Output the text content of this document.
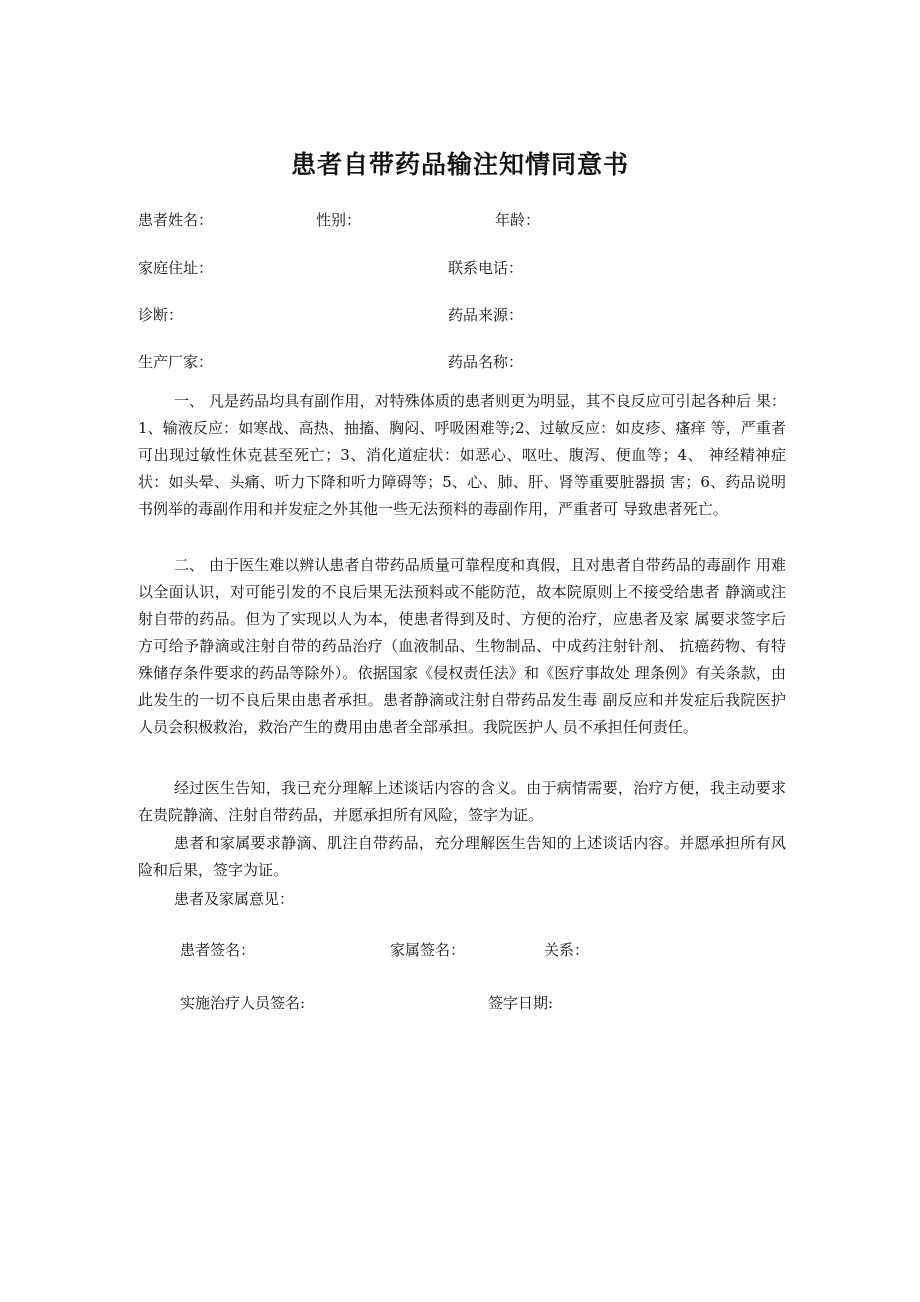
患者自带药品输注知情同意书
患者姓名：	性别：	年龄：
家庭住址：	联系电话：
诊断：	药品来源：
生产厂家：	药品名称：

一、 凡是药品均具有副作用，对特殊体质的患者则更为明显，其不良反应可引起各种后 果：1、输液反应：如寒战、高热、抽搐、胸闷、呼吸困难等;2、过敏反应：如皮疹、瘙痒 等，严重者可出现过敏性休克甚至死亡；3、消化道症状：如恶心、呕吐、腹泻、便血等；4、 神经精神症状：如头晕、头痛、听力下降和听力障碍等；5、心、肺、肝、肾等重要脏器损 害；6、药品说明书例举的毒副作用和并发症之外其他一些无法预料的毒副作用，严重者可 导致患者死亡。

二、 由于医生难以辨认患者自带药品质量可靠程度和真假，且对患者自带药品的毒副作 用难以全面认识，对可能引发的不良后果无法预料或不能防范，故本院原则上不接受给患者 静滴或注射自带的药品。但为了实现以人为本，使患者得到及时、方便的治疗，应患者及家 属要求签字后方可给予静滴或注射自带的药品治疗（血液制品、生物制品、中成药注射针剂、 抗癌药物、有特殊储存条件要求的药品等除外）。依据国家《侵权责任法》和《医疗事故处 理条例》有关条款，由此发生的一切不良后果由患者承担。患者静滴或注射自带药品发生毒 副反应和并发症后我院医护人员会积极救治，救治产生的费用由患者全部承担。我院医护人 员不承担任何责任。

经过医生告知，我已充分理解上述谈话内容的含义。由于病情需要，治疗方便，我主动要求在贵院静滴、注射自带药品，并愿承担所有风险，签字为证。

患者和家属要求静滴、肌注自带药品，充分理解医生告知的上述谈话内容。并愿承担所有风险和后果，签字为证。

患者及家属意见：

患者签名：	家属签名：	关系：
实施治疗人员签名:	签字日期:
